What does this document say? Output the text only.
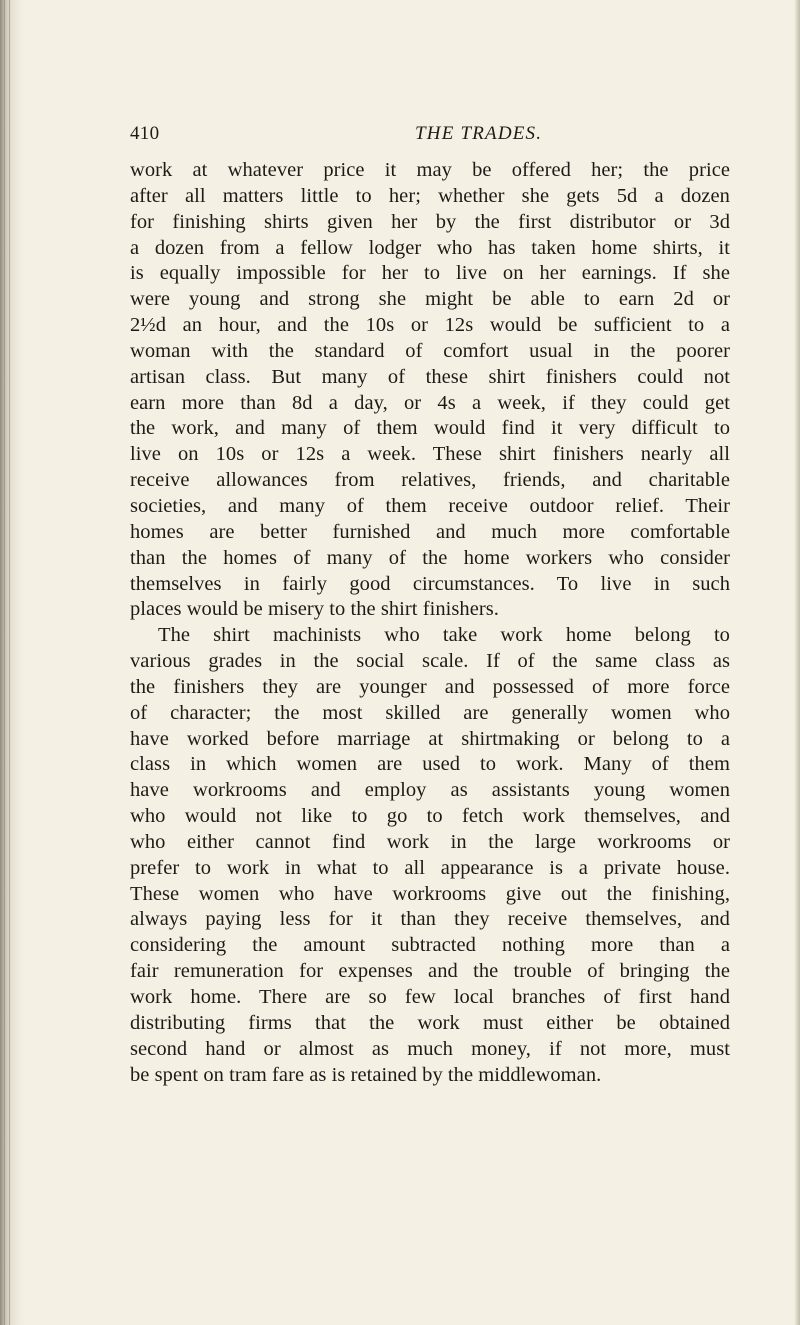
410	THE TRADES.
work at whatever price it may be offered her; the price
after all matters little to her; whether she gets 5d a dozen
for finishing shirts given her by the first distributor or 3d
a dozen from a fellow lodger who has taken home shirts, it
is equally impossible for her to live on her earnings. If she
were young and strong she might be able to earn 2d or
2½d an hour, and the 10s or 12s would be sufficient to a
woman with the standard of comfort usual in the poorer
artisan class. But many of these shirt finishers could not
earn more than 8d a day, or 4s a week, if they could get
the work, and many of them would find it very difficult to
live on 10s or 12s a week. These shirt finishers nearly all
receive allowances from relatives, friends, and charitable
societies, and many of them receive outdoor relief. Their
homes are better furnished and much more comfortable
than the homes of many of the home workers who consider
themselves in fairly good circumstances. To live in such
places would be misery to the shirt finishers.
The shirt machinists who take work home belong to
various grades in the social scale. If of the same class as
the finishers they are younger and possessed of more force
of character; the most skilled are generally women who
have worked before marriage at shirtmaking or belong to a
class in which women are used to work. Many of them
have workrooms and employ as assistants young women
who would not like to go to fetch work themselves, and
who either cannot find work in the large workrooms or
prefer to work in what to all appearance is a private house.
These women who have workrooms give out the finishing,
always paying less for it than they receive themselves, and
considering the amount subtracted nothing more than a
fair remuneration for expenses and the trouble of bringing the
work home. There are so few local branches of first hand
distributing firms that the work must either be obtained
second hand or almost as much money, if not more, must
be spent on tram fare as is retained by the middlewoman.
